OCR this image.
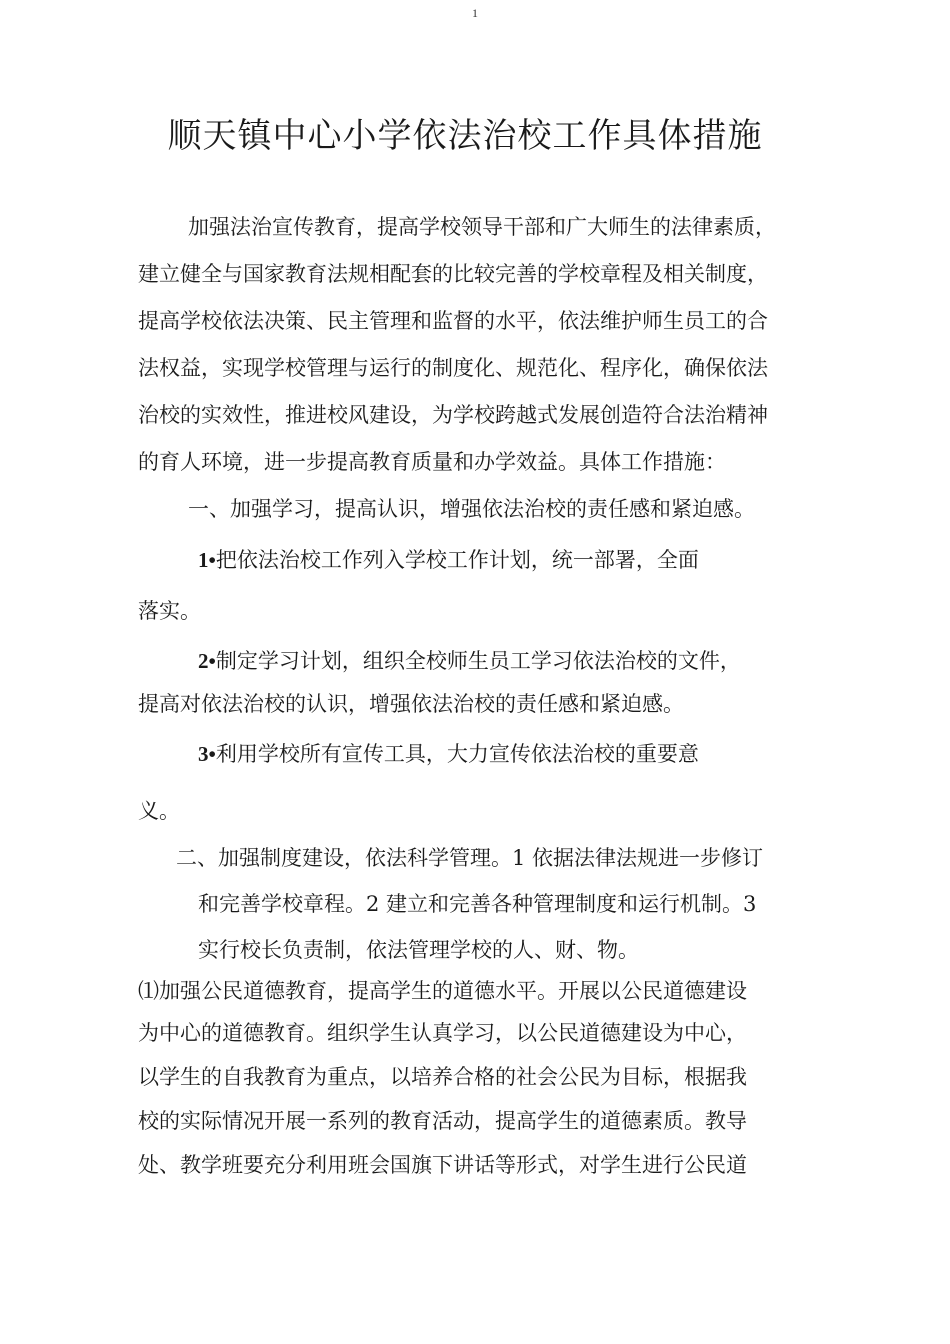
1
顺天镇中心小学依法治校工作具体措施
加强法治宣传教育，提高学校领导干部和广大师生的法律素质，
建立健全与国家教育法规相配套的比较完善的学校章程及相关制度，
提高学校依法决策、民主管理和监督的水平，依法维护师生员工的合
法权益，实现学校管理与运行的制度化、规范化、程序化，确保依法
治校的实效性，推进校风建设，为学校跨越式发展创造符合法治精神
的育人环境，进一步提高教育质量和办学效益。具体工作措施：
一、加强学习，提高认识，增强依法治校的责任感和紧迫感。
1•把依法治校工作列入学校工作计划，统一部署，全面
落实。
2•制定学习计划，组织全校师生员工学习依法治校的文件，
提高对依法治校的认识，增强依法治校的责任感和紧迫感。
3•利用学校所有宣传工具，大力宣传依法治校的重要意
义。
二、加强制度建设，依法科学管理。1 依据法律法规进一步修订
和完善学校章程。2 建立和完善各种管理制度和运行机制。3
实行校长负责制，依法管理学校的人、财、物。
⑴加强公民道德教育，提高学生的道德水平。开展以公民道德建设
为中心的道德教育。组织学生认真学习，以公民道德建设为中心，
以学生的自我教育为重点，以培养合格的社会公民为目标，根据我
校的实际情况开展一系列的教育活动，提高学生的道德素质。教导
处、教学班要充分利用班会国旗下讲话等形式，对学生进行公民道
